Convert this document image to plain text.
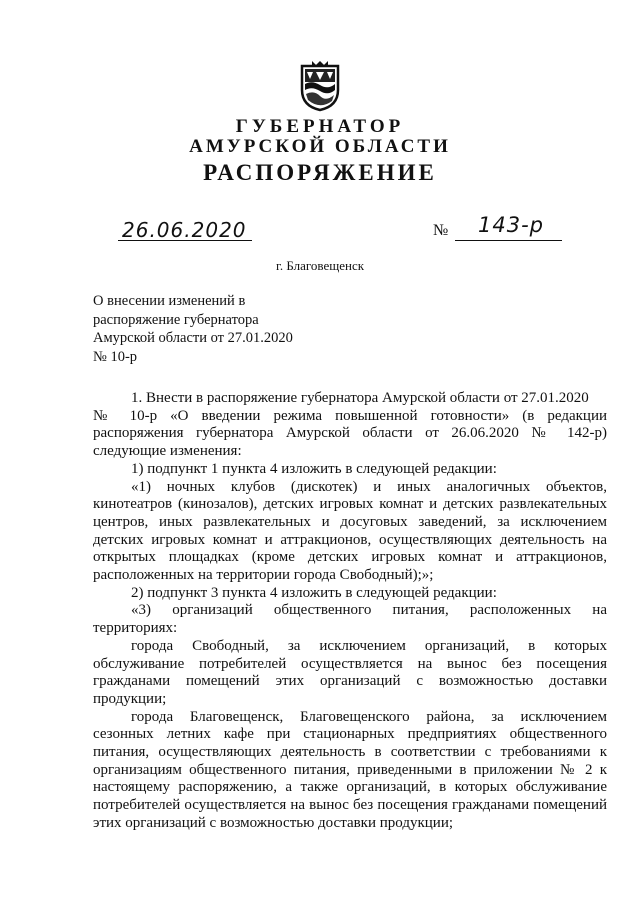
ГУБЕРНАТОР
АМУРСКОЙ ОБЛАСТИ
РАСПОРЯЖЕНИЕ
26.06.2020	№ 143-р
г. Благовещенск
О внесении изменений в
распоряжение губернатора
Амурской области от 27.01.2020
№ 10-р
1. Внести в распоряжение губернатора Амурской области от 27.01.2020
№ 10-р «О введении режима повышенной готовности» (в редакции
распоряжения губернатора Амурской области от 26.06.2020 № 142-р)
следующие изменения:
1) подпункт 1 пункта 4 изложить в следующей редакции:
«1) ночных клубов (дискотек) и иных аналогичных объектов,
кинотеатров (кинозалов), детских игровых комнат и детских развлекательных
центров, иных развлекательных и досуговых заведений, за исключением
детских игровых комнат и аттракционов, осуществляющих деятельность на
открытых площадках (кроме детских игровых комнат и аттракционов,
расположенных на территории города Свободный);»;
2) подпункт 3 пункта 4 изложить в следующей редакции:
«3) организаций общественного питания, расположенных на
территориях:
города Свободный, за исключением организаций, в которых
обслуживание потребителей осуществляется на вынос без посещения
гражданами помещений этих организаций с возможностью доставки
продукции;
города Благовещенск, Благовещенского района, за исключением
сезонных летних кафе при стационарных предприятиях общественного
питания, осуществляющих деятельность в соответствии с требованиями к
организациям общественного питания, приведенными в приложении № 2 к
настоящему распоряжению, а также организаций, в которых обслуживание
потребителей осуществляется на вынос без посещения гражданами помещений
этих организаций с возможностью доставки продукции;
